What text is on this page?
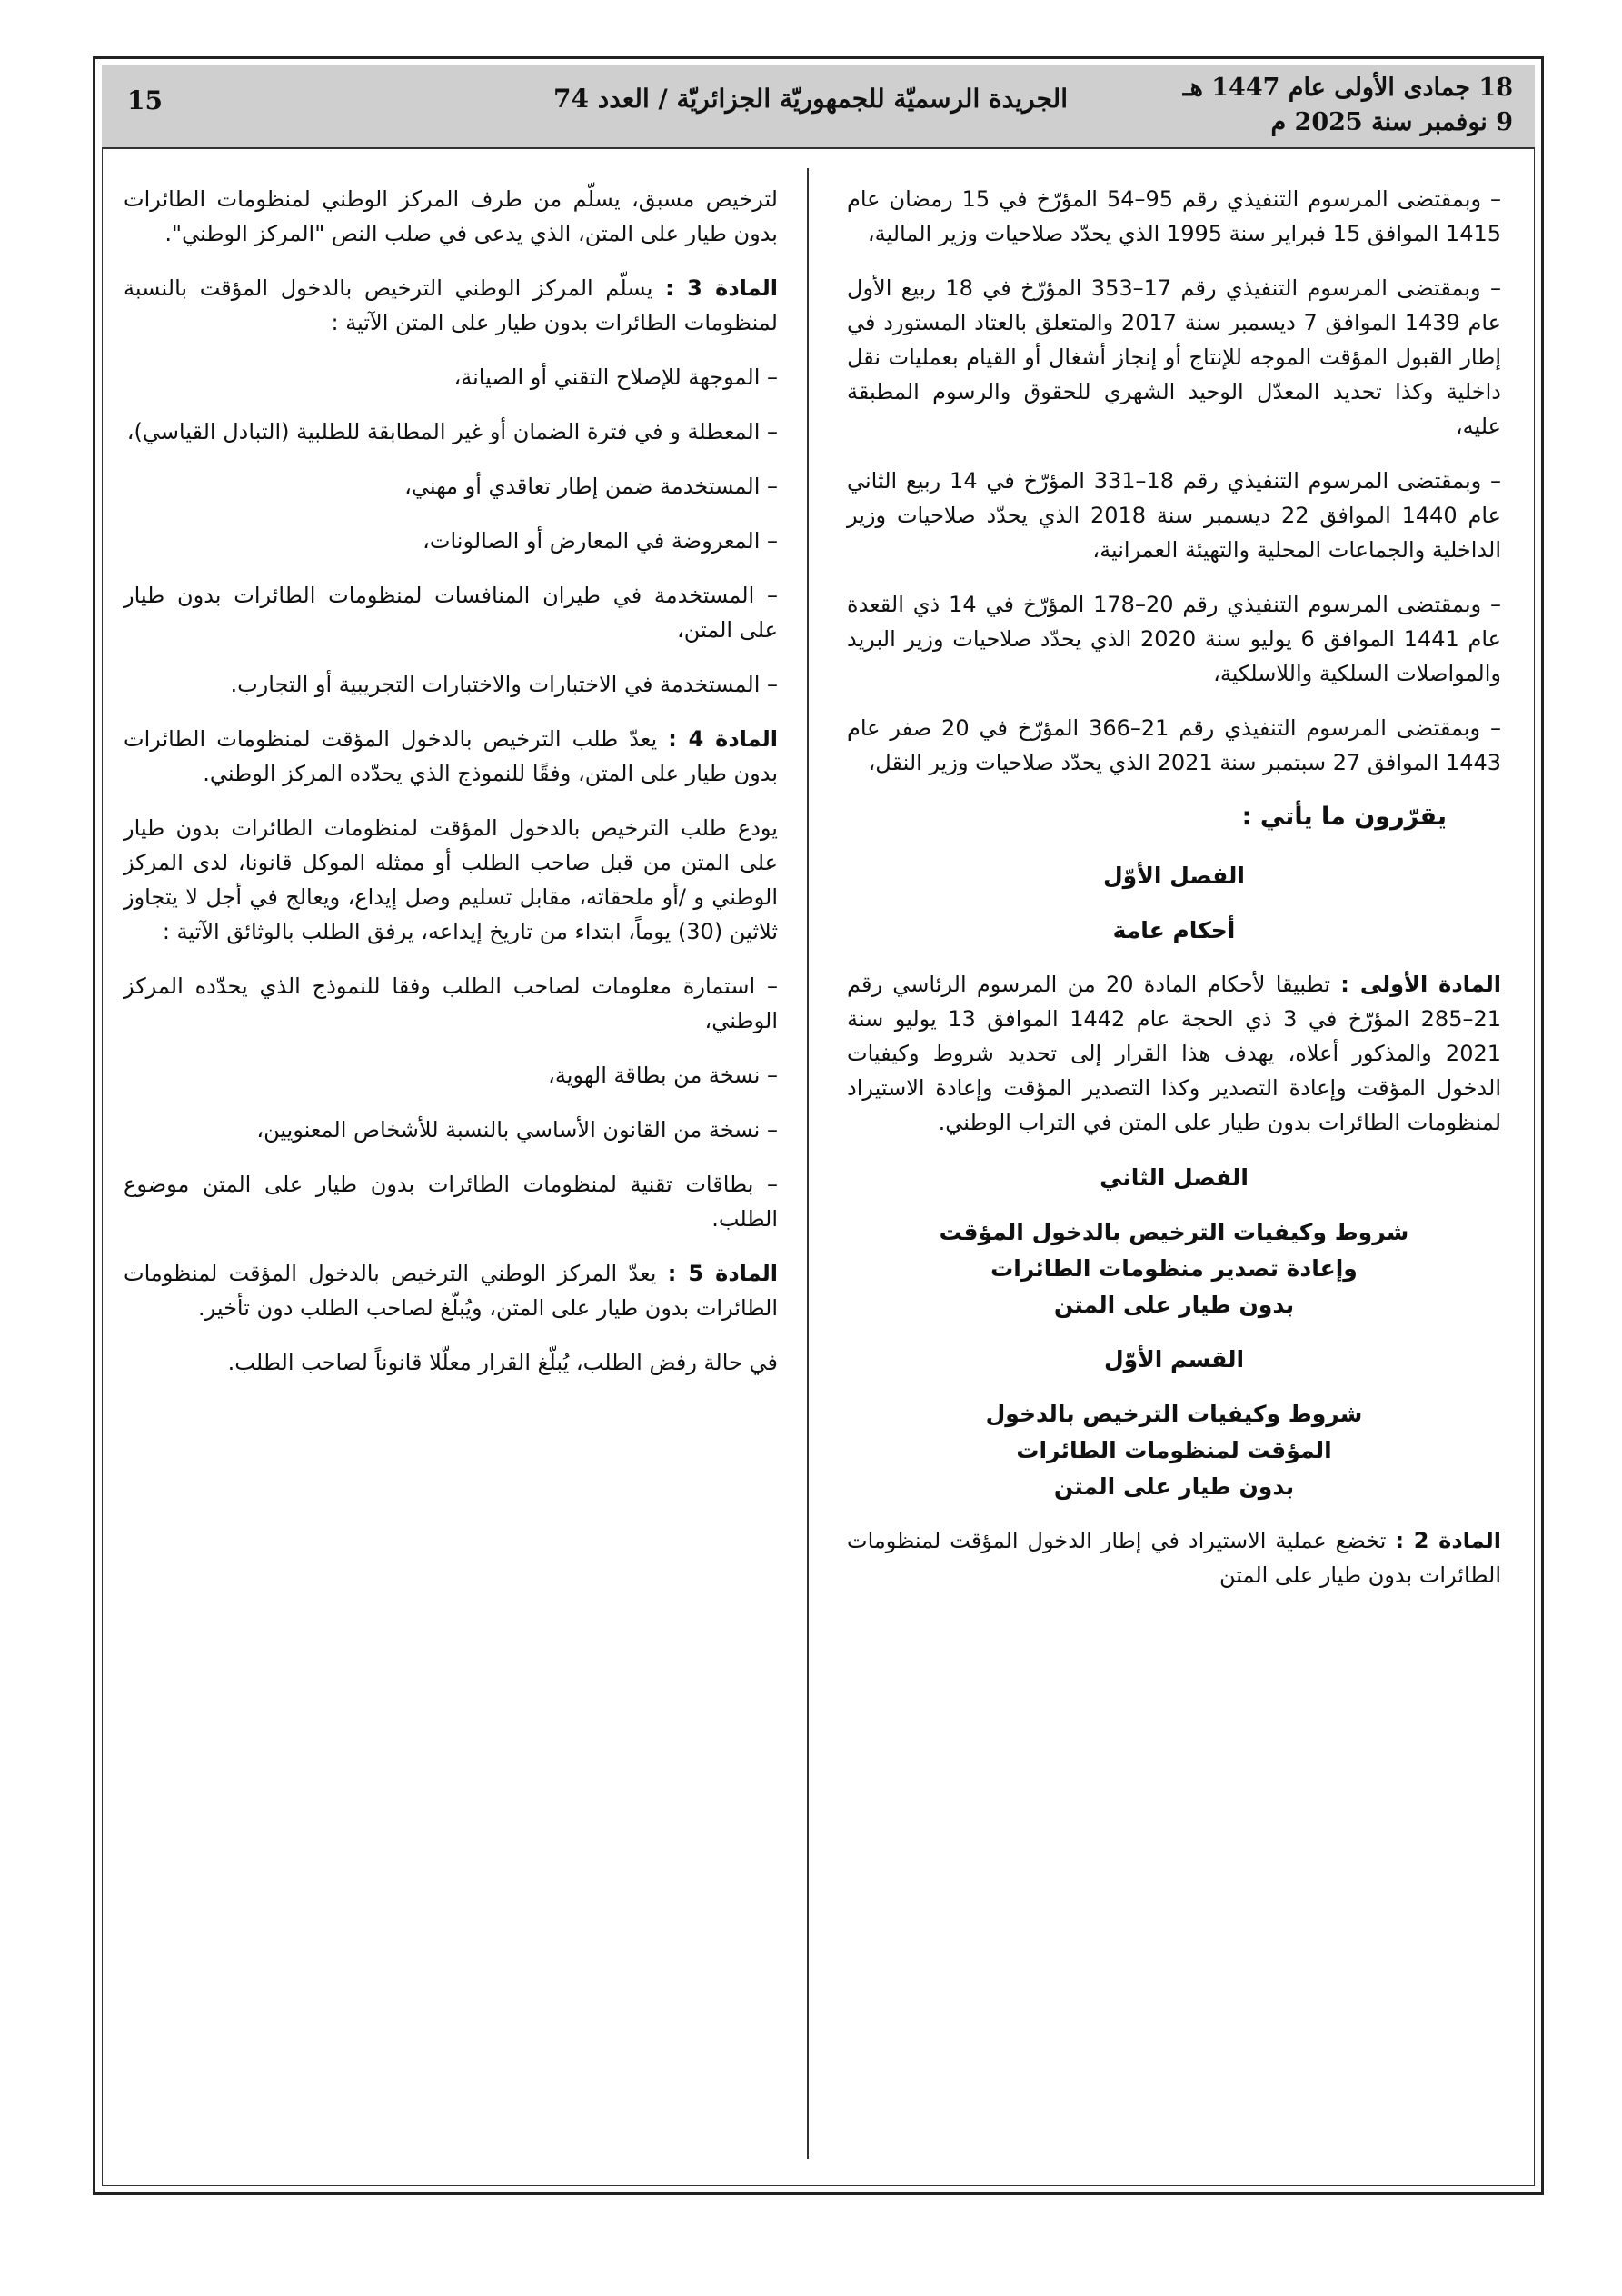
15	الجريدة الرسميّة للجمهوريّة الجزائريّة / العدد 74	18 جمادى الأولى عام 1447 هـ
9 نوفمبر سنة 2025 م

– وبمقتضى المرسوم التنفيذي رقم 95–54 المؤرّخ في 15 رمضان عام 1415 الموافق 15 فبراير سنة 1995 الذي يحدّد صلاحيات وزير المالية،

– وبمقتضى المرسوم التنفيذي رقم 17–353 المؤرّخ في 18 ربيع الأول عام 1439 الموافق 7 ديسمبر سنة 2017 والمتعلق بالعتاد المستورد في إطار القبول المؤقت الموجه للإنتاج أو إنجاز أشغال أو القيام بعمليات نقل داخلية وكذا تحديد المعدّل الوحيد الشهري للحقوق والرسوم المطبقة عليه،

– وبمقتضى المرسوم التنفيذي رقم 18–331 المؤرّخ في 14 ربيع الثاني عام 1440 الموافق 22 ديسمبر سنة 2018 الذي يحدّد صلاحيات وزير الداخلية والجماعات المحلية والتهيئة العمرانية،

– وبمقتضى المرسوم التنفيذي رقم 20–178 المؤرّخ في 14 ذي القعدة عام 1441 الموافق 6 يوليو سنة 2020 الذي يحدّد صلاحيات وزير البريد والمواصلات السلكية واللاسلكية،

– وبمقتضى المرسوم التنفيذي رقم 21–366 المؤرّخ في 20 صفر عام 1443 الموافق 27 سبتمبر سنة 2021 الذي يحدّد صلاحيات وزير النقل،

يقرّرون ما يأتي :
الفصل الأوّل
أحكام عامة

المادة الأولى : تطبيقا لأحكام المادة 20 من المرسوم الرئاسي رقم 21–285 المؤرّخ في 3 ذي الحجة عام 1442 الموافق 13 يوليو سنة 2021 والمذكور أعلاه، يهدف هذا القرار إلى تحديد شروط وكيفيات الدخول المؤقت وإعادة التصدير وكذا التصدير المؤقت وإعادة الاستيراد لمنظومات الطائرات بدون طيار على المتن في التراب الوطني.

الفصل الثاني
شروط وكيفيات الترخيص بالدخول المؤقت
وإعادة تصدير منظومات الطائرات
بدون طيار على المتن
القسم الأوّل
شروط وكيفيات الترخيص بالدخول
المؤقت لمنظومات الطائرات
بدون طيار على المتن

المادة 2 : تخضع عملية الاستيراد في إطار الدخول المؤقت لمنظومات الطائرات بدون طيار على المتن

لترخيص مسبق، يسلّم من طرف المركز الوطني لمنظومات الطائرات بدون طيار على المتن، الذي يدعى في صلب النص "المركز الوطني".

المادة 3 : يسلّم المركز الوطني الترخيص بالدخول المؤقت بالنسبة لمنظومات الطائرات بدون طيار على المتن الآتية :

– الموجهة للإصلاح التقني أو الصيانة،

– المعطلة و في فترة الضمان أو غير المطابقة للطلبية (التبادل القياسي)،

– المستخدمة ضمن إطار تعاقدي أو مهني،

– المعروضة في المعارض أو الصالونات،

– المستخدمة في طيران المنافسات لمنظومات الطائرات بدون طيار على المتن،

– المستخدمة في الاختبارات والاختبارات التجريبية أو التجارب.

المادة 4 : يعدّ طلب الترخيص بالدخول المؤقت لمنظومات الطائرات بدون طيار على المتن، وفقًا للنموذج الذي يحدّده المركز الوطني.

يودع طلب الترخيص بالدخول المؤقت لمنظومات الطائرات بدون طيار على المتن من قبل صاحب الطلب أو ممثله الموكل قانونا، لدى المركز الوطني و /أو ملحقاته، مقابل تسليم وصل إيداع، ويعالج في أجل لا يتجاوز ثلاثين (30) يوماً، ابتداء من تاريخ إيداعه، يرفق الطلب بالوثائق الآتية :

– استمارة معلومات لصاحب الطلب وفقا للنموذج الذي يحدّده المركز الوطني،

– نسخة من بطاقة الهوية،

– نسخة من القانون الأساسي بالنسبة للأشخاص المعنويين،

– بطاقات تقنية لمنظومات الطائرات بدون طيار على المتن موضوع الطلب.

المادة 5 : يعدّ المركز الوطني الترخيص بالدخول المؤقت لمنظومات الطائرات بدون طيار على المتن، ويُبلّغ لصاحب الطلب دون تأخير.

في حالة رفض الطلب، يُبلّغ القرار معلّلا قانوناً لصاحب الطلب.
